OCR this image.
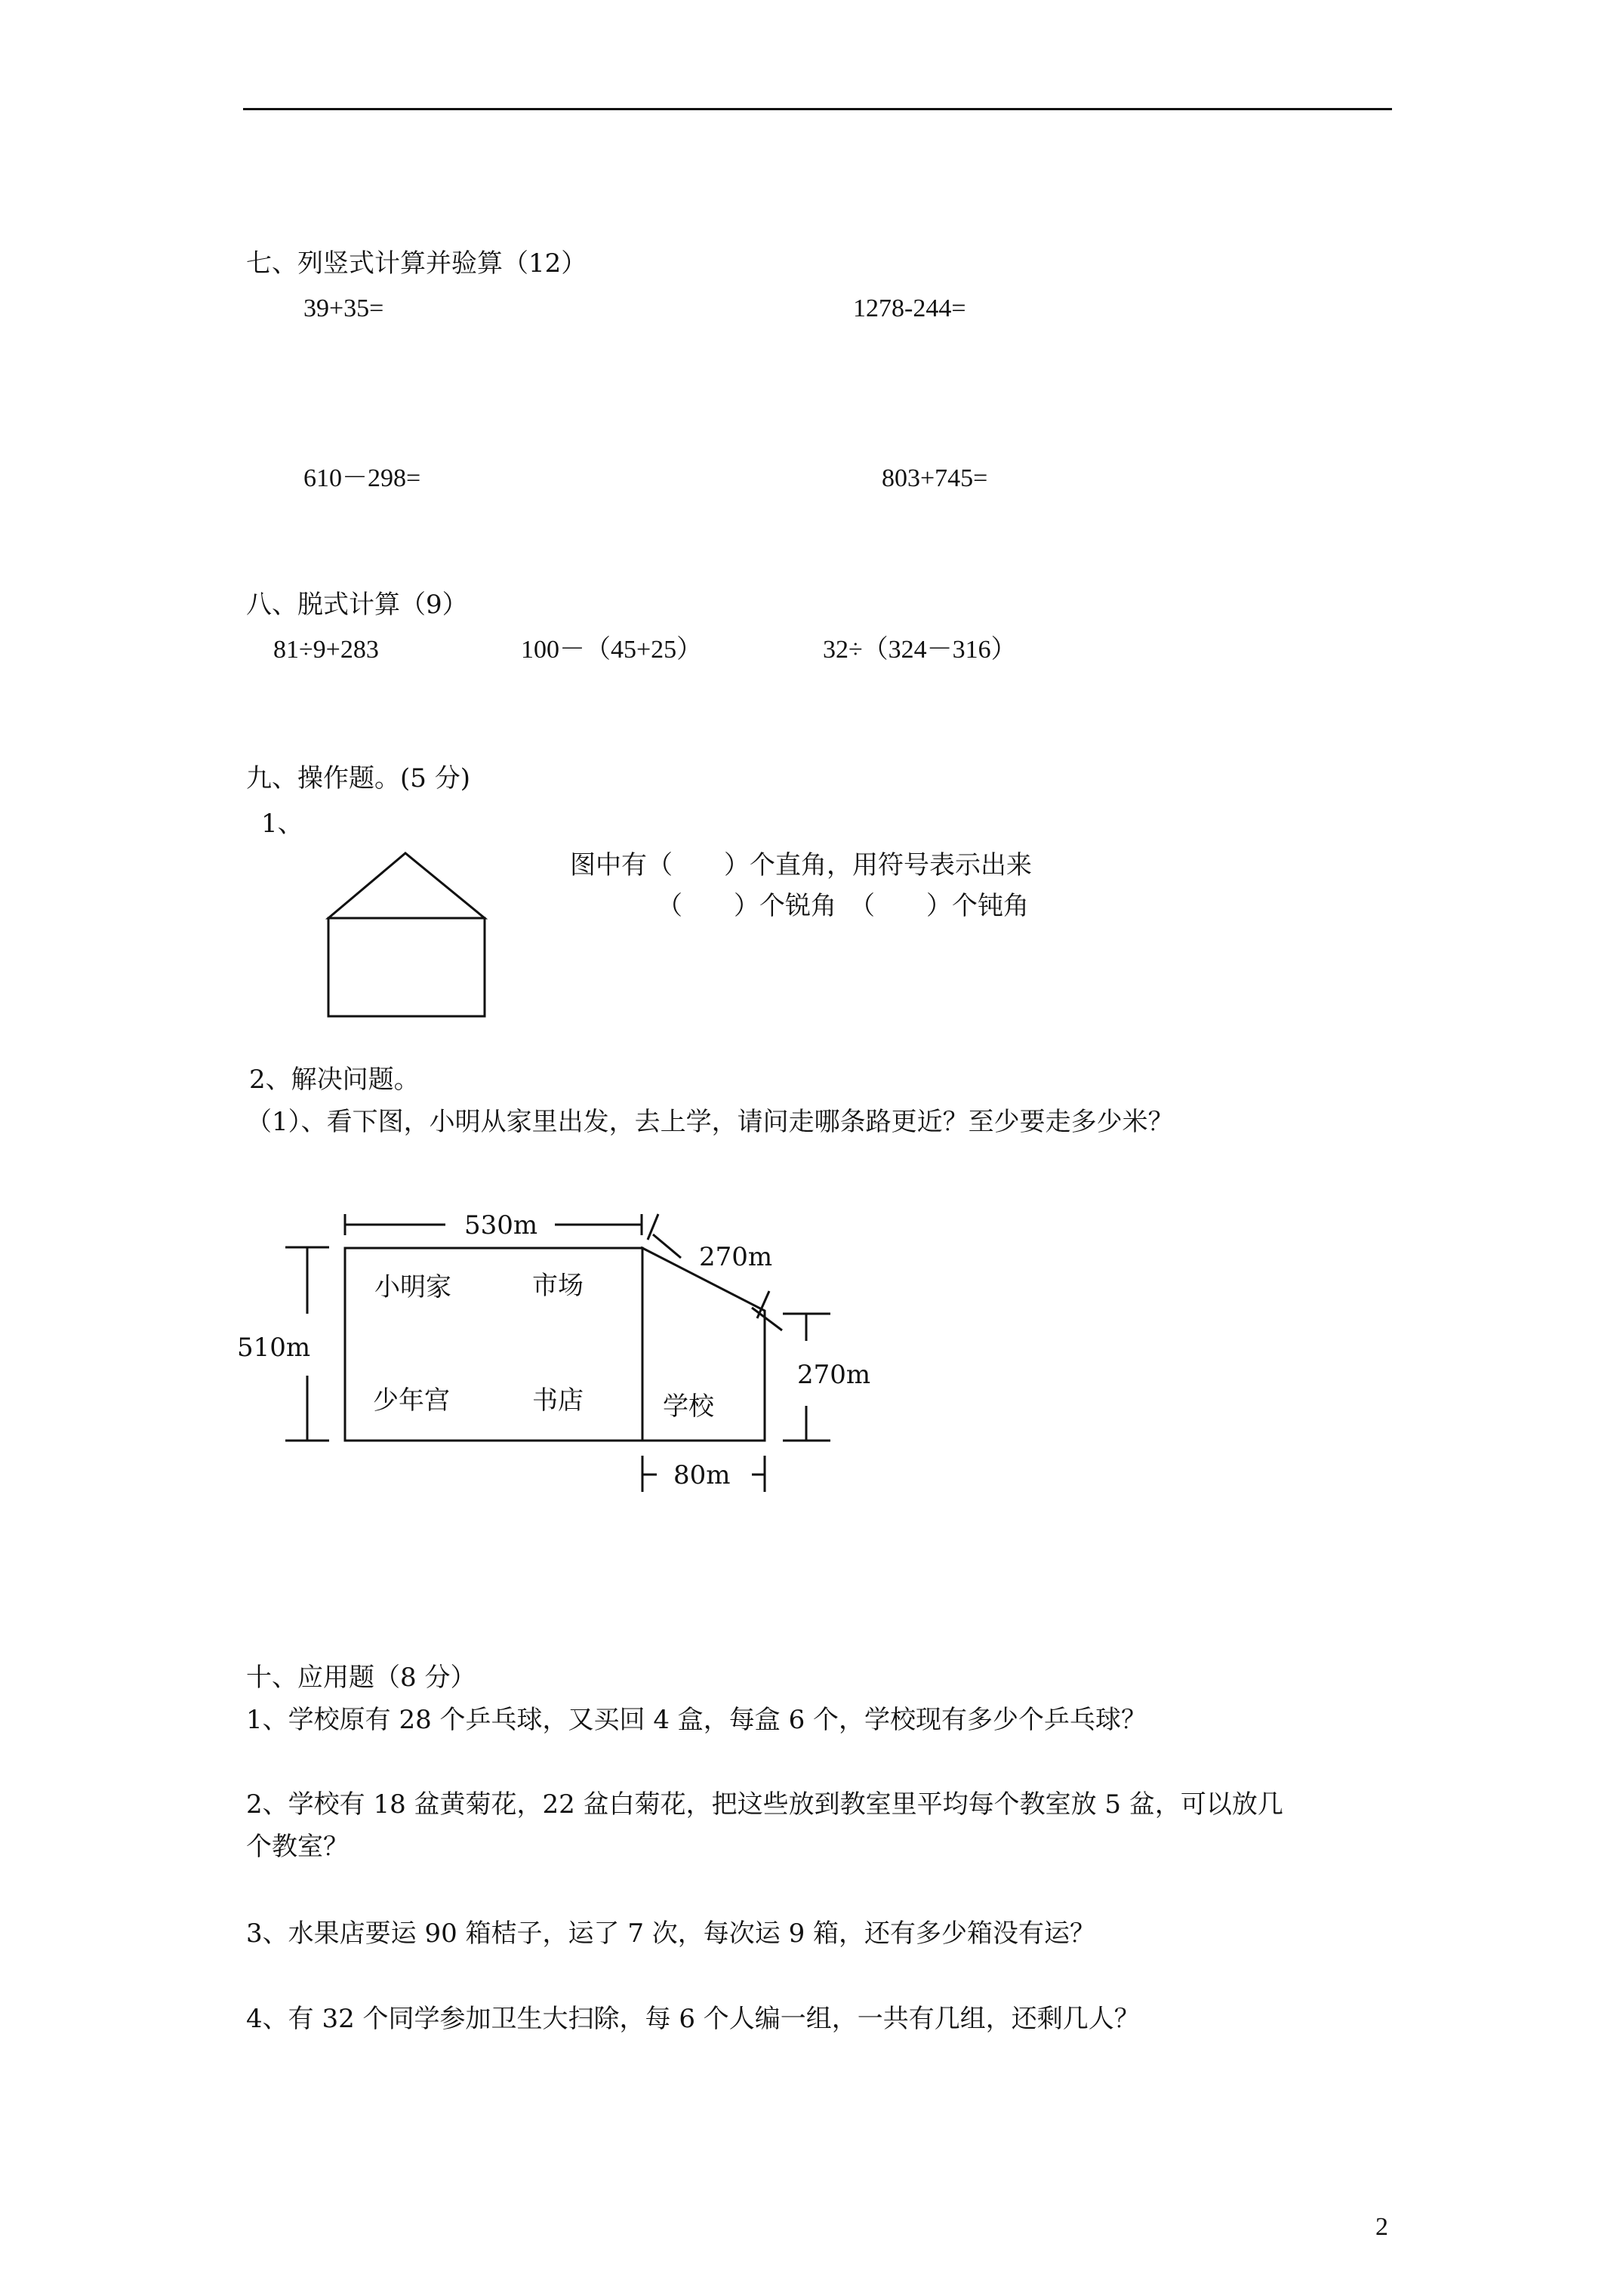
七、列竖式计算并验算（12）
39+35=	1278-244=
610－298=	803+745=
八、脱式计算（9）
81÷9+283	100－（45+25）	32÷（324－316）
九、操作题。(5 分)
1、
图中有（　　）个直角，用符号表示出来
（　　）个锐角　（　　）个钝角
2、解决问题。
（1）、看下图，小明从家里出发，去上学，请问走哪条路更近？至少要走多少米？
530m
270m
510m
270m
80m
小明家	市场
少年宫	书店	学校
十、应用题（8 分）
1、学校原有 28 个乒乓球，又买回 4 盒，每盒 6 个，学校现有多少个乒乓球？
2、学校有 18 盆黄菊花，22 盆白菊花，把这些放到教室里平均每个教室放 5 盆，可以放几
个教室？
3、水果店要运 90 箱桔子，运了 7 次，每次运 9 箱，还有多少箱没有运？
4、有 32 个同学参加卫生大扫除，每 6 个人编一组，一共有几组，还剩几人？
2
